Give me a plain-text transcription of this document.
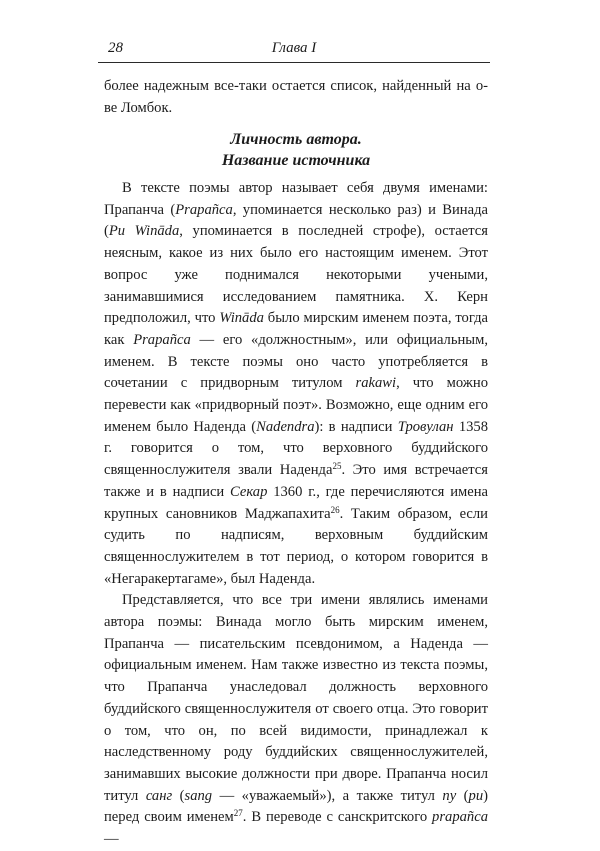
28	Глава I

более надежным все-таки остается список, найденный на о-ве Ломбок.

Личность автора.
Название источника

В тексте поэмы автор называет себя двумя именами: Прапанча (Prapañca, упоминается несколько раз) и Винада (Pu Wināda, упоминается в последней строфе), остается неясным, какое из них было его настоящим именем. Этот вопрос уже поднимался некоторыми учеными, занимавшимися исследованием памятника. Х. Керн предположил, что Wināda было мирским именем поэта, тогда как Prapañca — его «должностным», или официальным, именем. В тексте поэмы оно часто употребляется в сочетании с придворным титулом rakawi, что можно перевести как «придворный поэт». Возможно, еще одним его именем было Наденда (Nadendra): в надписи Тровулан 1358 г. говорится о том, что верховного буддийского священнослужителя звали Наденда$^{25}$. Это имя встречается также и в надписи Секар 1360 г., где перечисляются имена крупных сановников Маджапахита$^{26}$. Таким образом, если судить по надписям, верховным буддийским священнослужителем в тот период, о котором говорится в «Негаракертагаме», был Наденда.

Представляется, что все три имени являлись именами автора поэмы: Винада могло быть мирским именем, Прапанча — писательским псевдонимом, а Наденда — официальным именем. Нам также известно из текста поэмы, что Прапанча унаследовал должность верховного буддийского священнослужителя от своего отца. Это говорит о том, что он, по всей видимости, принадлежал к наследственному роду буддийских священнослужителей, занимавших высокие должности при дворе. Прапанча носил титул санг (sang — «уважаемый»), а также титул пу (pu) перед своим именем$^{27}$. В переводе с санскритского prapañca —
